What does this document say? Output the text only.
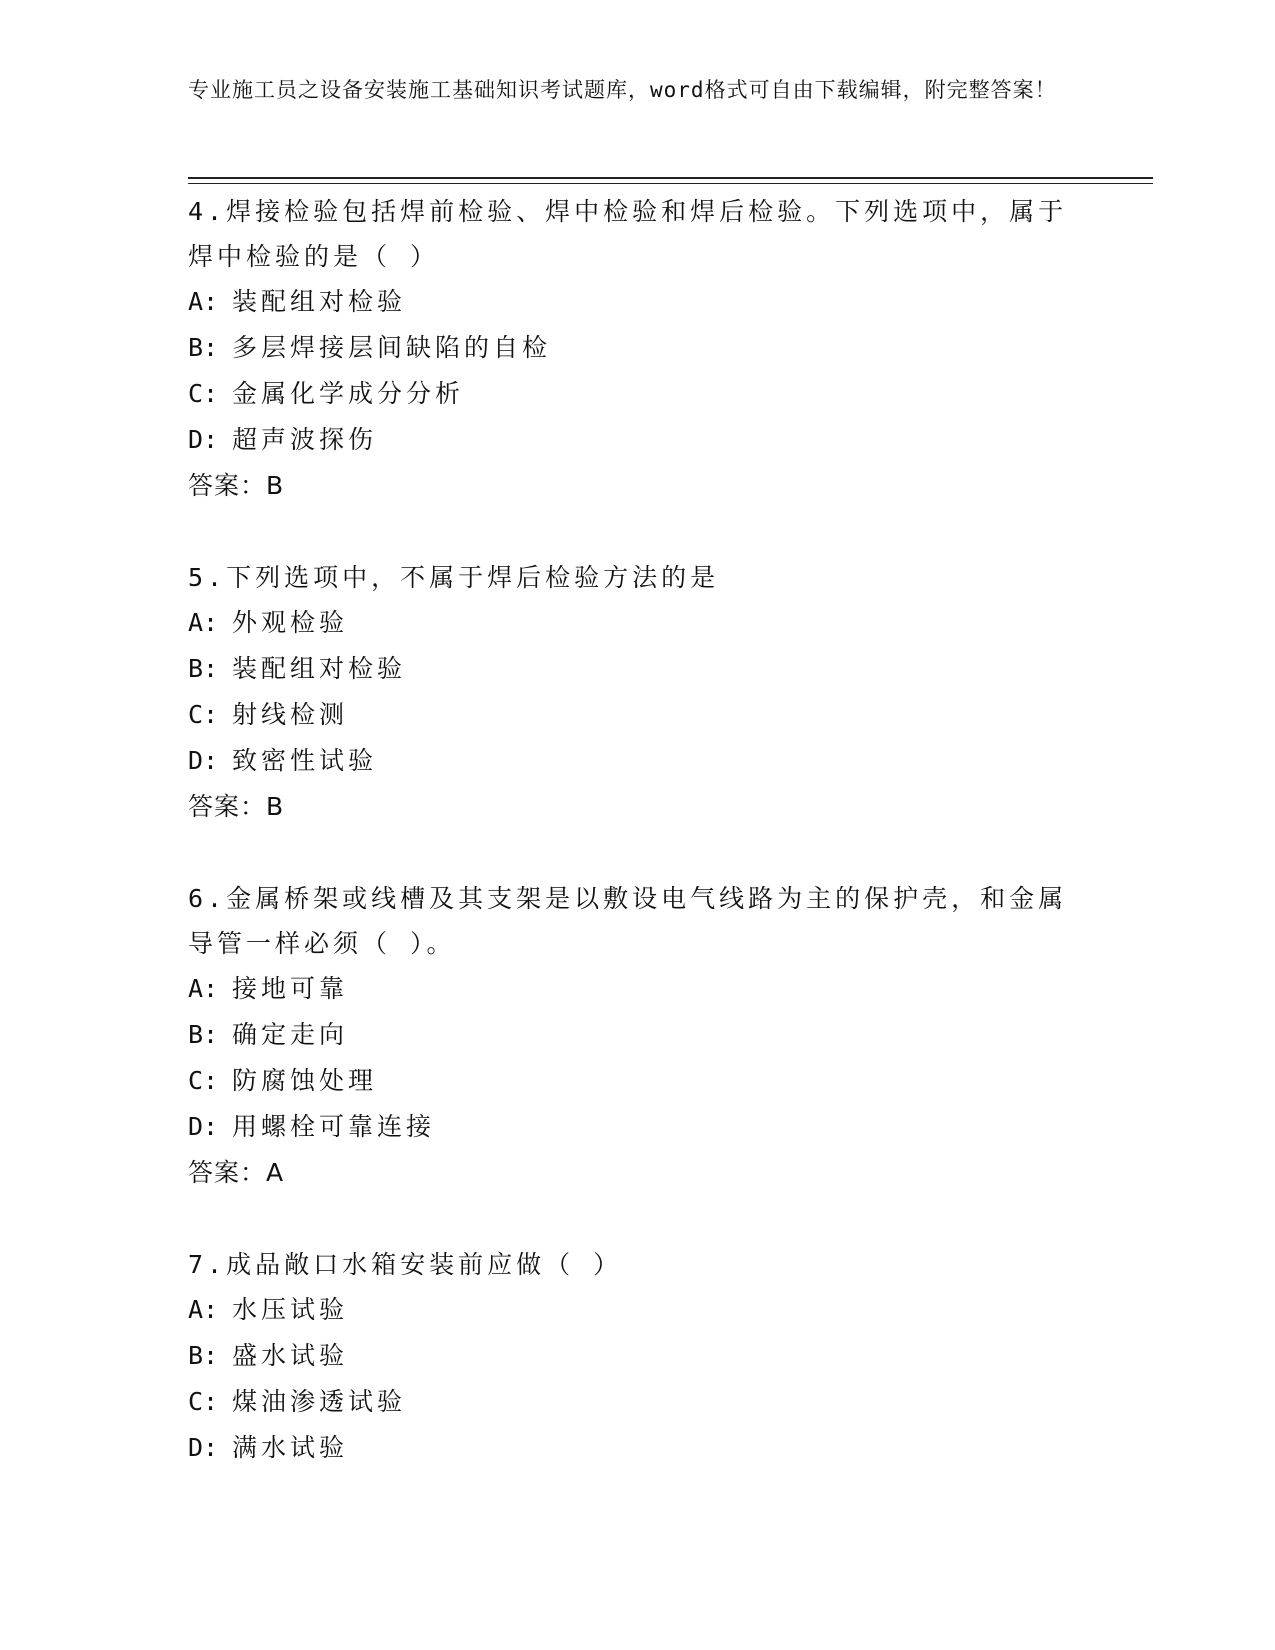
专业施工员之设备安装施工基础知识考试题库，word格式可自由下载编辑，附完整答案！
4.焊接检验包括焊前检验、焊中检验和焊后检验。下列选项中，属于焊中检验的是（ ）
A: 装配组对检验
B: 多层焊接层间缺陷的自检
C: 金属化学成分分析
D: 超声波探伤
答案：B
5.下列选项中，不属于焊后检验方法的是
A: 外观检验
B: 装配组对检验
C: 射线检测
D: 致密性试验
答案：B
6.金属桥架或线槽及其支架是以敷设电气线路为主的保护壳，和金属导管一样必须（ ）。
A: 接地可靠
B: 确定走向
C: 防腐蚀处理
D: 用螺栓可靠连接
答案：A
7.成品敞口水箱安装前应做（ ）
A: 水压试验
B: 盛水试验
C: 煤油渗透试验
D: 满水试验
